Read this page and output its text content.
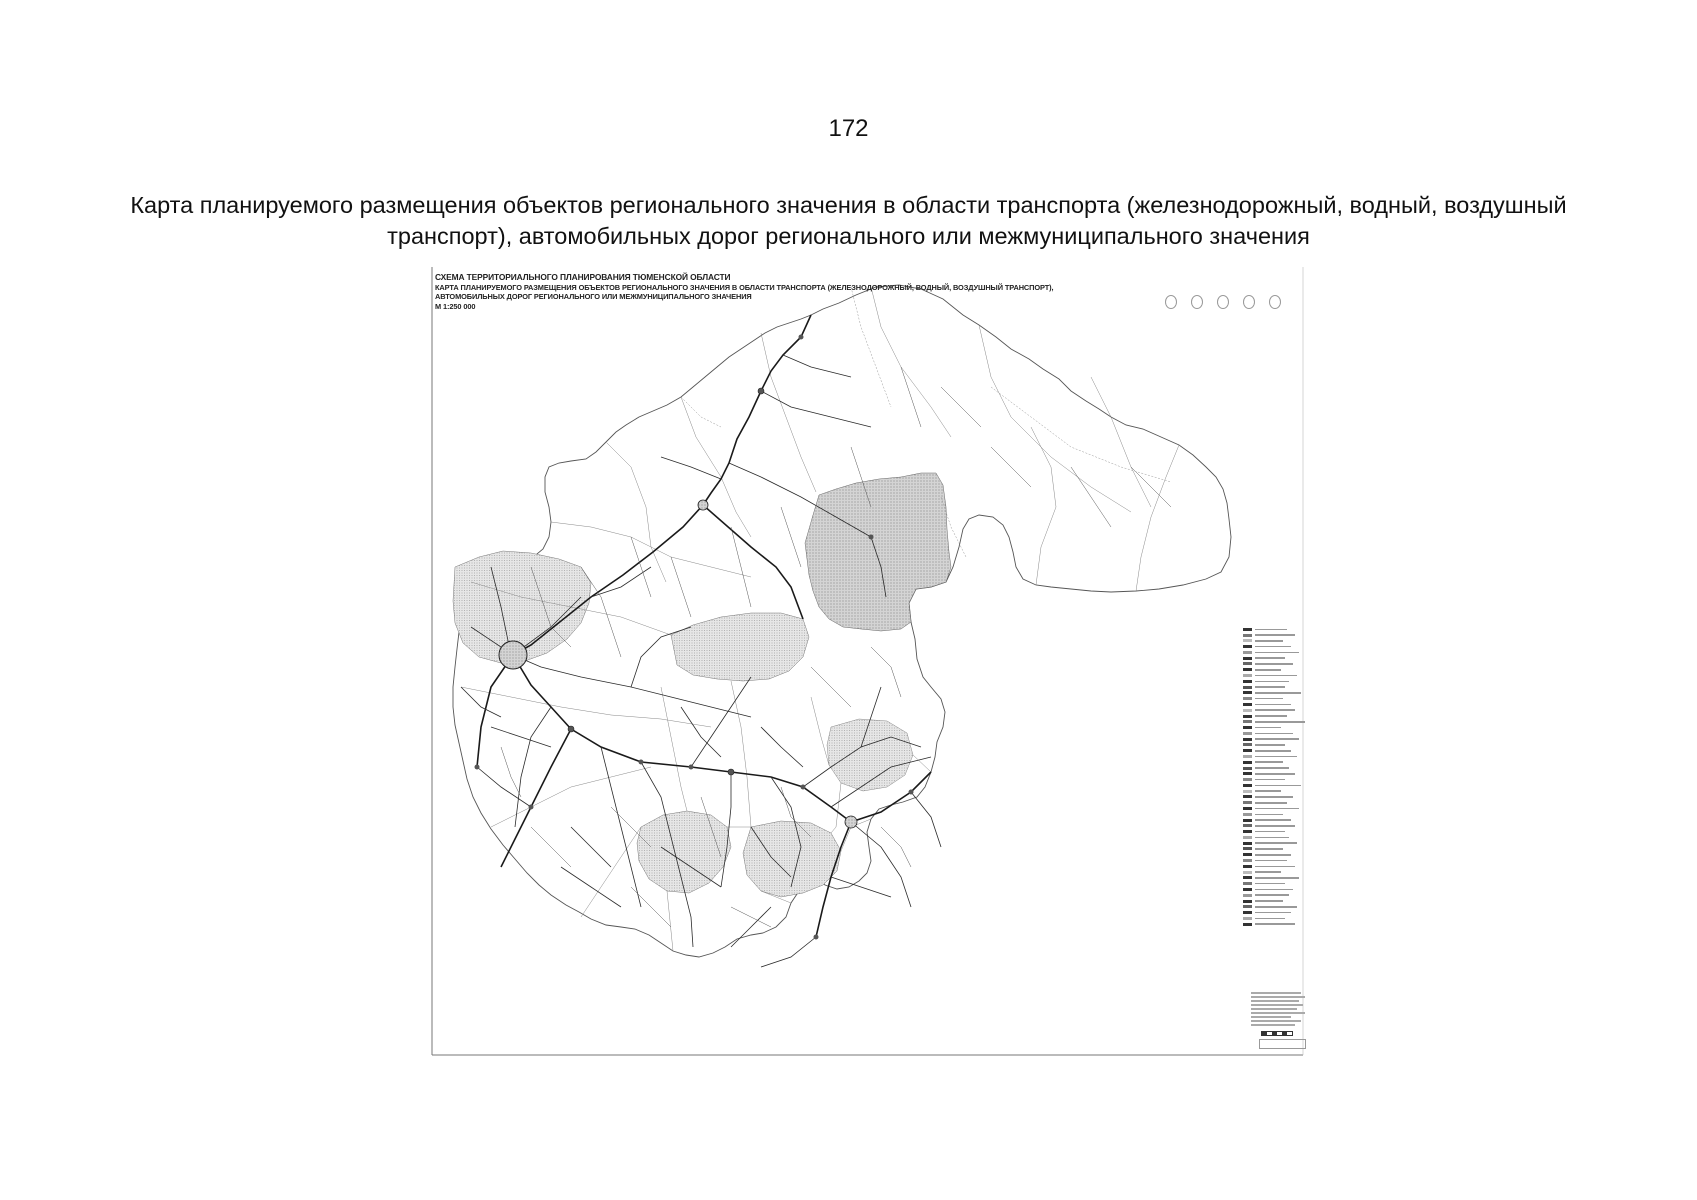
172
Карта планируемого размещения объектов регионального значения в области транспорта (железнодорожный, водный, воздушный
транспорт), автомобильных дорог регионального или межмуниципального значения
СХЕМА ТЕРРИТОРИАЛЬНОГО ПЛАНИРОВАНИЯ ТЮМЕНСКОЙ ОБЛАСТИ
КАРТА ПЛАНИРУЕМОГО РАЗМЕЩЕНИЯ ОБЪЕКТОВ РЕГИОНАЛЬНОГО ЗНАЧЕНИЯ В ОБЛАСТИ ТРАНСПОРТА (ЖЕЛЕЗНОДОРОЖНЫЙ, ВОДНЫЙ, ВОЗДУШНЫЙ ТРАНСПОРТ),
АВТОМОБИЛЬНЫХ ДОРОГ РЕГИОНАЛЬНОГО ИЛИ МЕЖМУНИЦИПАЛЬНОГО ЗНАЧЕНИЯ
М 1:250 000
